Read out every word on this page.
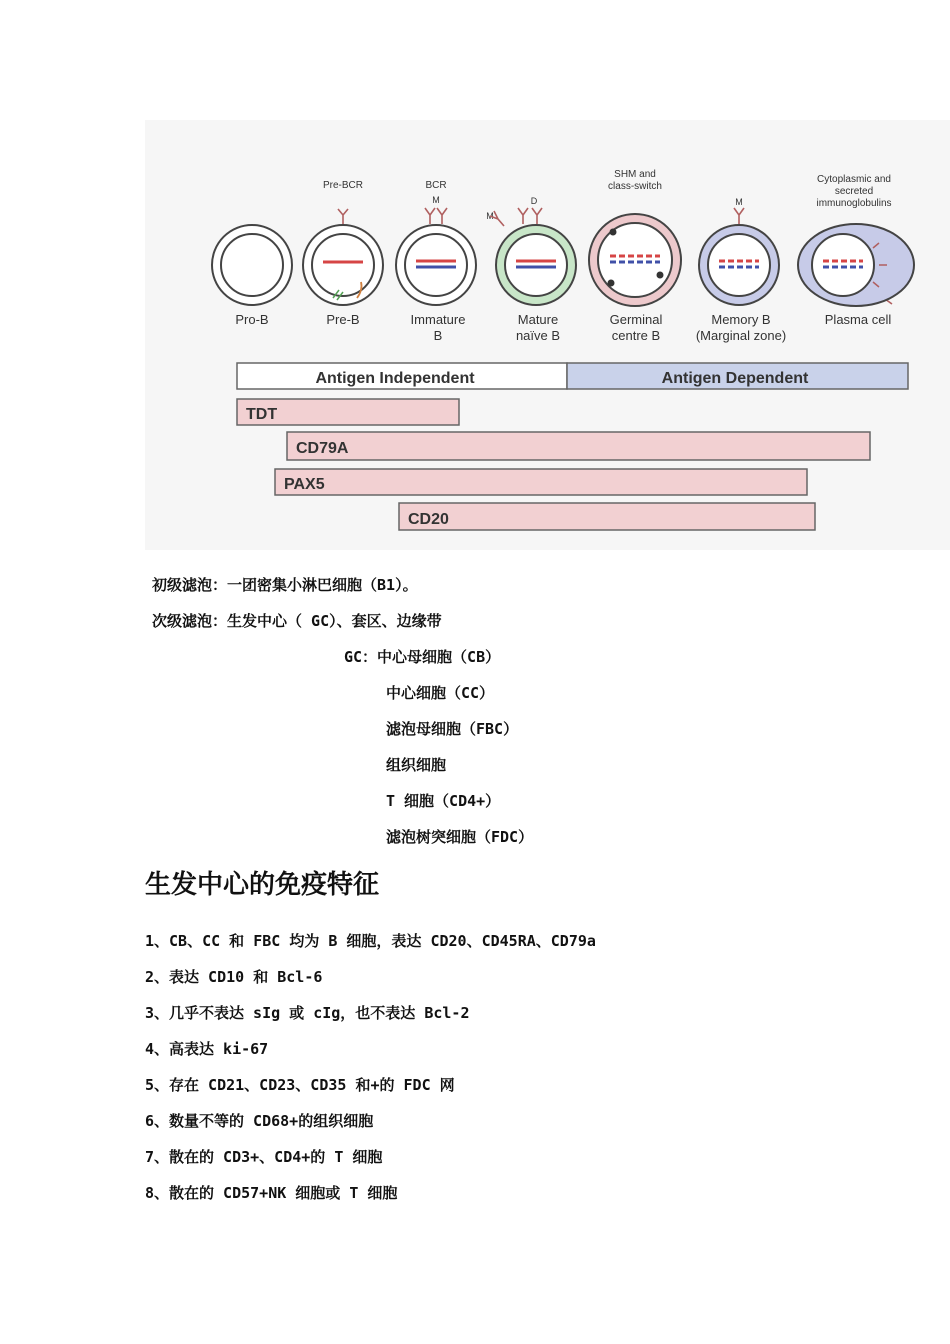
Pre-BCR	BCR
M
M
D
SHM and
class-switch
M
Cytoplasmic and
secreted
immunoglobulins
Pro-B	Pre-B	Immature
B
Mature
naïve B
Germinal
centre B
Memory B
(Marginal zone)
Plasma cell
Antigen Independent	Antigen Dependent
TDT
CD79A
PAX5
CD20
初级滤泡：一团密集小淋巴细胞（B1）。
次级滤泡：生发中心（ GC）、套区、边缘带
GC：中心母细胞（CB）
中心细胞（CC）
滤泡母细胞（FBC）
组织细胞
T 细胞（CD4+）
滤泡树突细胞（FDC）
生发中心的免疫特征
1、CB、CC 和 FBC 均为 B 细胞，表达 CD20、CD45RA、CD79a
2、表达 CD10 和 Bcl-6
3、几乎不表达 sIg 或 cIg，也不表达 Bcl-2
4、高表达 ki-67
5、存在 CD21、CD23、CD35 和+的 FDC 网
6、数量不等的 CD68+的组织细胞
7、散在的 CD3+、CD4+的 T 细胞
8、散在的 CD57+NK 细胞或 T 细胞
